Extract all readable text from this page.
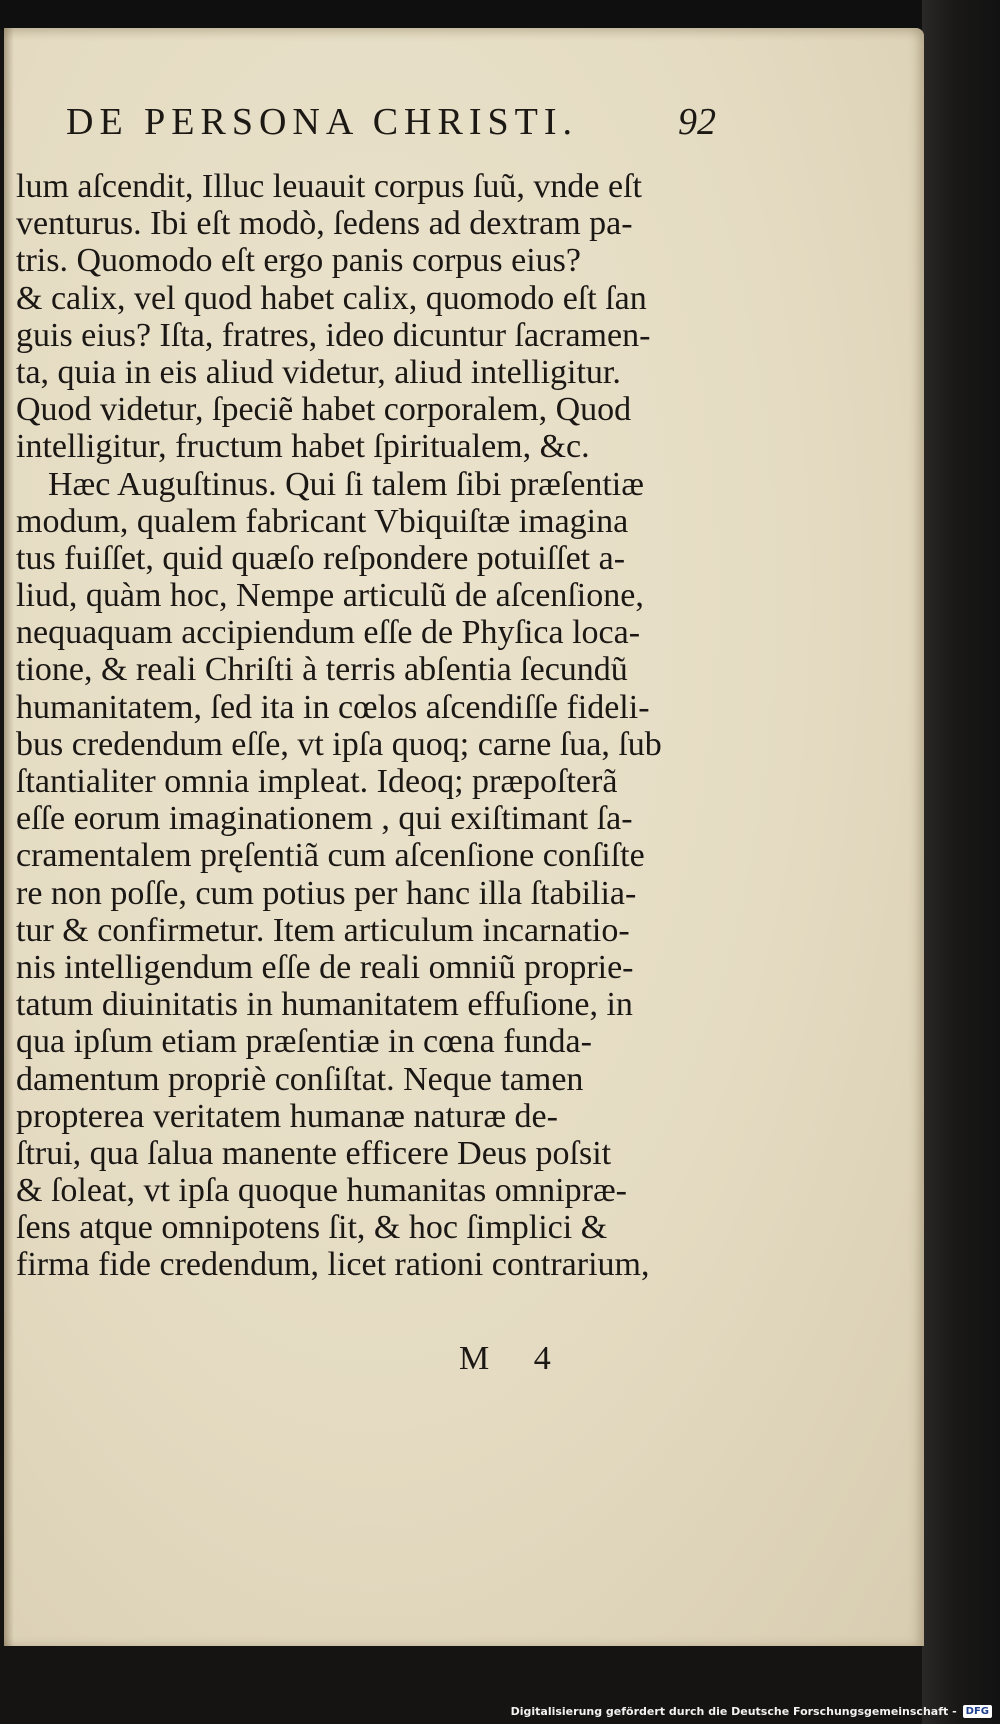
DE PERSONA CHRISTI.	92
lum aſcendit, Illuc leuauit corpus ſuũ, vnde eſt
venturus. Ibi eſt modò, ſedens ad dextram pa-
tris. Quomodo eſt ergo panis corpus eius?
& calix, vel quod habet calix, quomodo eſt ſan
guis eius? Iſta, fratres, ideo dicuntur ſacramen-
ta, quia in eis aliud videtur, aliud intelligitur.
Quod videtur, ſpeciẽ habet corporalem, Quod
intelligitur, fructum habet ſpiritualem, &c.
Hæc Auguſtinus. Qui ſi talem ſibi præſentiæ
modum, qualem fabricant Vbiquiſtæ imagina
tus fuiſſet, quid quæſo reſpondere potuiſſet a-
liud, quàm hoc, Nempe articulũ de aſcenſione,
nequaquam accipiendum eſſe de Phyſica loca-
tione, & reali Chriſti à terris abſentia ſecundũ
humanitatem, ſed ita in cœlos aſcendiſſe fideli-
bus credendum eſſe, vt ipſa quoq; carne ſua, ſub
ſtantialiter omnia impleat. Ideoq; præpoſterã
eſſe eorum imaginationem , qui exiſtimant ſa-
cramentalem pręſentiã cum aſcenſione conſiſte
re non poſſe, cum potius per hanc illa ſtabilia-
tur & confirmetur. Item articulum incarnatio-
nis intelligendum eſſe de reali omniũ proprie-
tatum diuinitatis in humanitatem effuſione, in
qua ipſum etiam præſentiæ in cœna funda-
damentum propriè conſiſtat. Neque tamen
propterea veritatem humanæ naturæ de-
ſtrui, qua ſalua manente efficere Deus poſsit
& ſoleat, vt ipſa quoque humanitas omnipræ-
ſens atque omnipotens ſit, & hoc ſimplici &
firma fide credendum, licet rationi contrarium,
M 4
Digitalisierung gefördert durch die Deutsche Forschungsgemeinschaft - DFG
